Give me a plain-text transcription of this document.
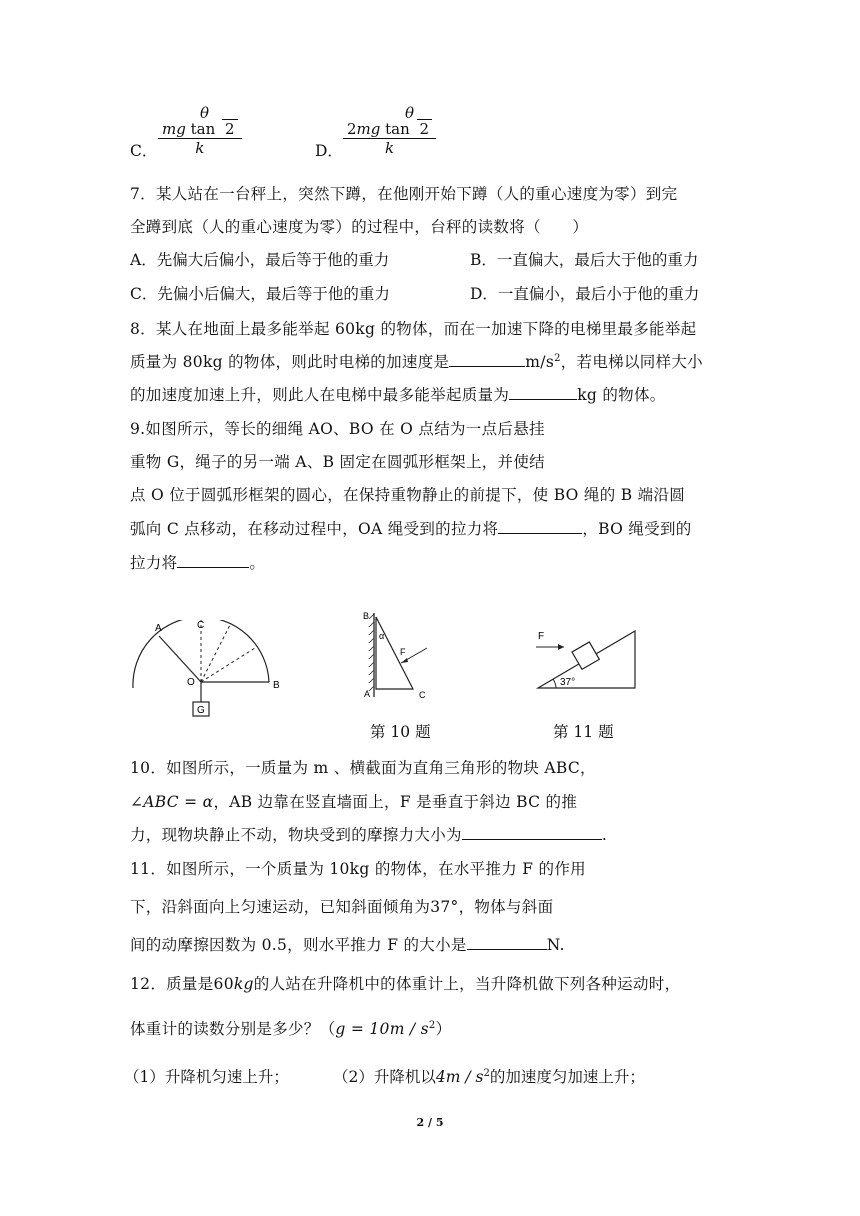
C．
θ
$\frac{\text{mg tan 2}}{k}$	D．
θ
$\frac{\text{2mg tan 2}}{k}$
7．某人站在一台秤上，突然下蹲，在他刚开始下蹲（人的重心速度为零）到完
全蹲到底（人的重心速度为零）的过程中，台秤的读数将（　　）
A．先偏大后偏小，最后等于他的重力	B．一直偏大，最后大于他的重力
C．先偏小后偏大，最后等于他的重力	D．一直偏小，最后小于他的重力
8．某人在地面上最多能举起 60kg 的物体，而在一加速下降的电梯里最多能举起
质量为 80kg 的物体，则此时电梯的加速度是	$m/s^2$，若电梯以同样大小
的加速度加速上升，则此人在电梯中最多能举起质量为	kg 的物体。
9.如图所示，等长的细绳 AO、BO 在 O 点结为一点后悬挂
重物 G，绳子的另一端 A、B 固定在圆弧形框架上，并使结
点 O 位于圆弧形框架的圆心，在保持重物静止的前提下，使 BO 绳的 B 端沿圆
弧向 C 点移动，在移动过程中，OA 绳受到的拉力将	，BO 绳受到的
拉力将	。
A	C
O	B
G
B
α
F
A	C
第 10 题
F
37°
第 11 题
10．如图所示，一质量为 m 、横截面为直角三角形的物块 ABC，
∠ABC = α，AB 边靠在竖直墙面上，F 是垂直于斜边 BC 的推
力，现物块静止不动，物块受到的摩擦力大小为	.
11．如图所示，一个质量为 10kg 的物体，在水平推力 F 的作用
下，沿斜面向上匀速运动，已知斜面倾角为37°，物体与斜面
间的动摩擦因数为 0.5，则水平推力 F 的大小是	N.
12．质量是60kg的人站在升降机中的体重计上，当升降机做下列各种运动时，
体重计的读数分别是多少？$(g = 10m / s^2)$
（1）升降机匀速上升；	（2）升降机以$4m / s^2$的加速度匀加速上升；
2 / 5
